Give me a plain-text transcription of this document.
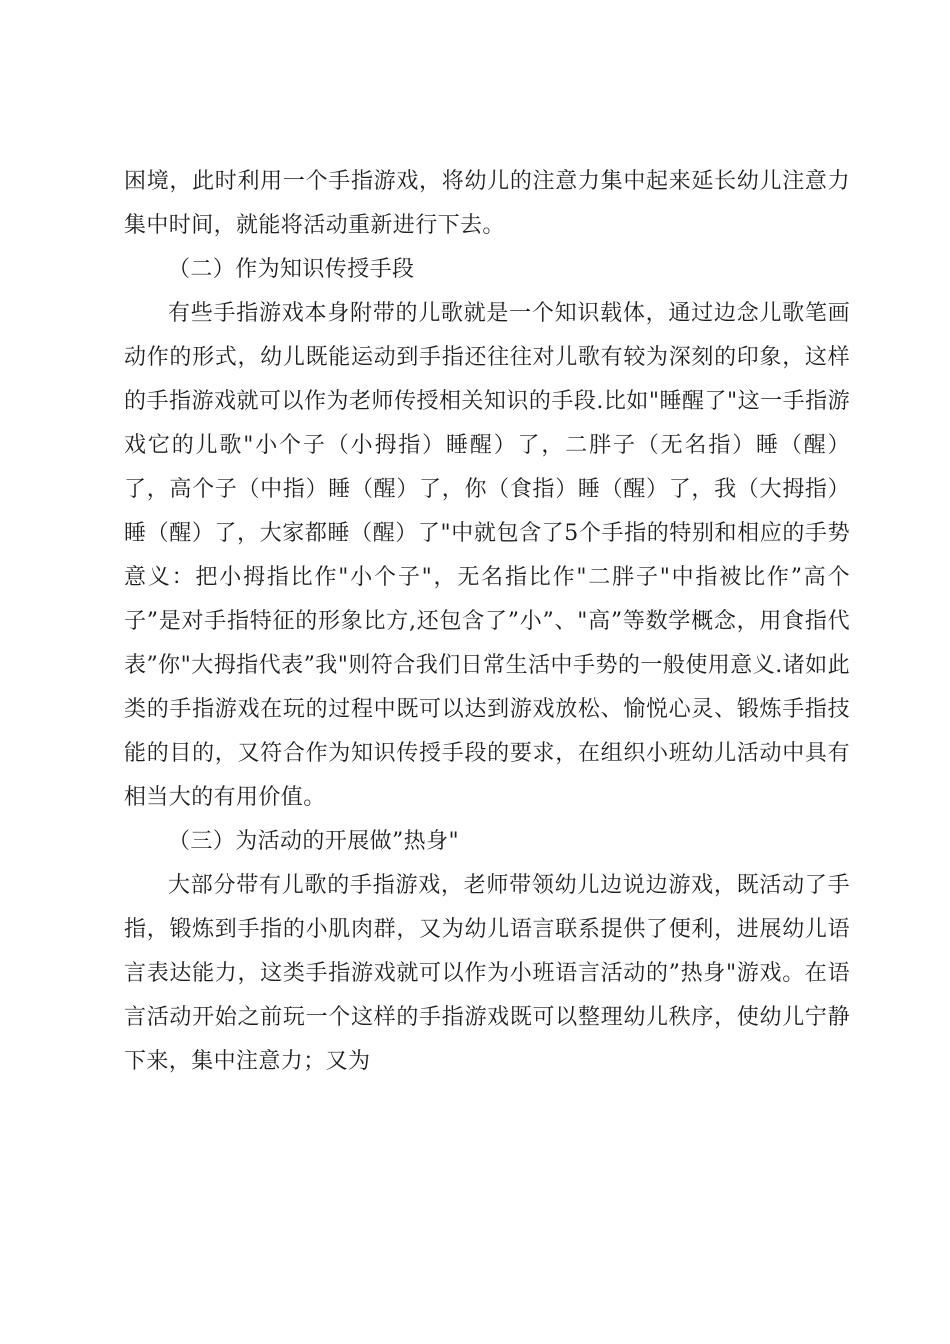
困境，此时利用一个手指游戏，将幼儿的注意力集中起来延长幼儿注意力集中时间，就能将活动重新进行下去。

（二）作为知识传授手段

有些手指游戏本身附带的儿歌就是一个知识载体，通过边念儿歌笔画动作的形式，幼儿既能运动到手指还往往对儿歌有较为深刻的印象，这样的手指游戏就可以作为老师传授相关知识的手段.比如"睡醒了"这一手指游戏它的儿歌"小个子（小拇指）睡醒）了，二胖子（无名指）睡（醒）了，高个子（中指）睡（醒）了，你（食指）睡（醒）了，我（大拇指）睡（醒）了，大家都睡（醒）了"中就包含了5个手指的特别和相应的手势意义：把小拇指比作"小个子"，无名指比作"二胖子"中指被比作”高个子”是对手指特征的形象比方,还包含了”小”、"高”等数学概念，用食指代表”你"大拇指代表”我"则符合我们日常生活中手势的一般使用意义.诸如此类的手指游戏在玩的过程中既可以达到游戏放松、愉悦心灵、锻炼手指技能的目的，又符合作为知识传授手段的要求，在组织小班幼儿活动中具有相当大的有用价值。

（三）为活动的开展做”热身"

大部分带有儿歌的手指游戏，老师带领幼儿边说边游戏，既活动了手指，锻炼到手指的小肌肉群，又为幼儿语言联系提供了便利，进展幼儿语言表达能力，这类手指游戏就可以作为小班语言活动的”热身"游戏。在语言活动开始之前玩一个这样的手指游戏既可以整理幼儿秩序，使幼儿宁静下来，集中注意力；又为
